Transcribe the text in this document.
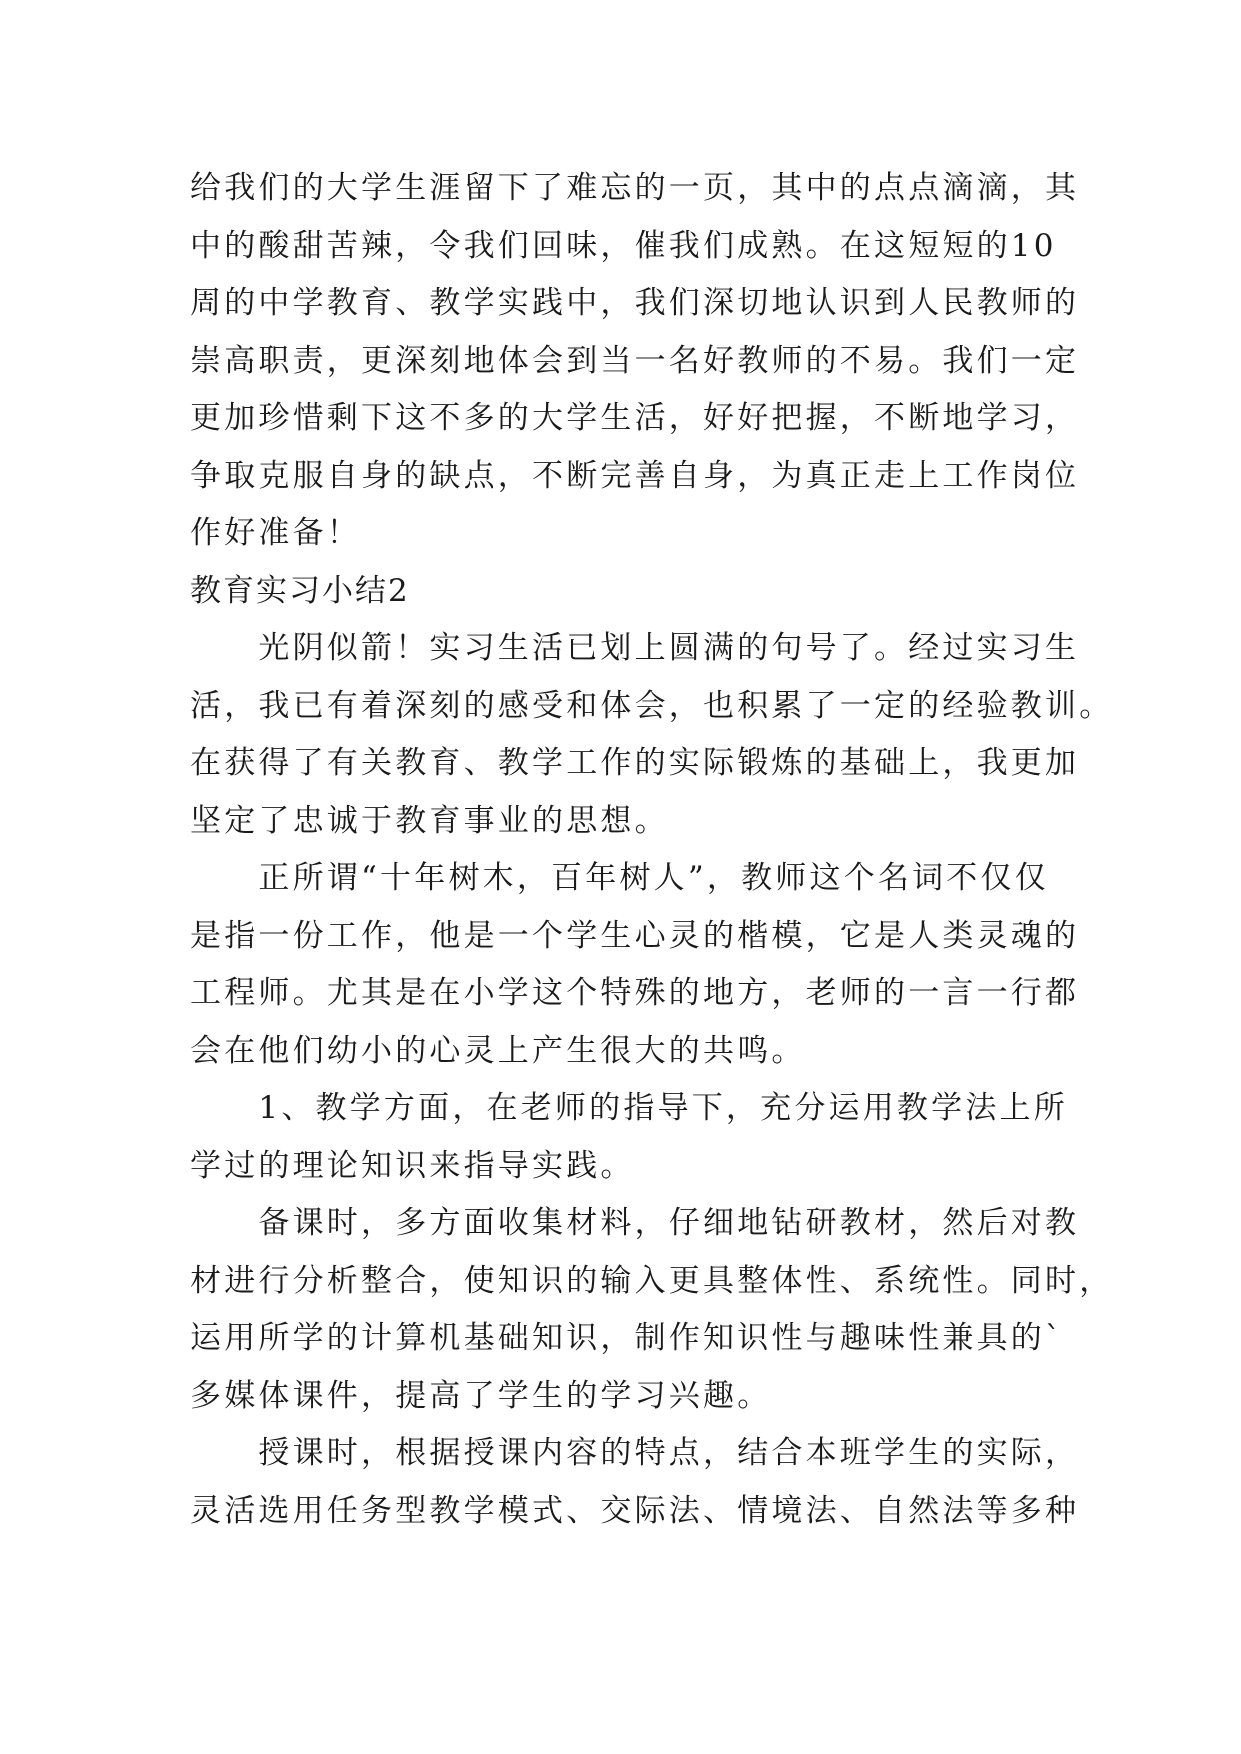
给我们的大学生涯留下了难忘的一页，其中的点点滴滴，其
中的酸甜苦辣，令我们回味，催我们成熟。在这短短的10
周的中学教育、教学实践中，我们深切地认识到人民教师的
崇高职责，更深刻地体会到当一名好教师的不易。我们一定
更加珍惜剩下这不多的大学生活，好好把握，不断地学习，
争取克服自身的缺点，不断完善自身，为真正走上工作岗位
作好准备！
教育实习小结2
　　光阴似箭！实习生活已划上圆满的句号了。经过实习生
活，我已有着深刻的感受和体会，也积累了一定的经验教训。
在获得了有关教育、教学工作的实际锻炼的基础上，我更加
坚定了忠诚于教育事业的思想。
　　正所谓“十年树木，百年树人”，教师这个名词不仅仅
是指一份工作，他是一个学生心灵的楷模，它是人类灵魂的
工程师。尤其是在小学这个特殊的地方，老师的一言一行都
会在他们幼小的心灵上产生很大的共鸣。
　　1、教学方面，在老师的指导下，充分运用教学法上所
学过的理论知识来指导实践。
　　备课时，多方面收集材料，仔细地钻研教材，然后对教
材进行分析整合，使知识的输入更具整体性、系统性。同时，
运用所学的计算机基础知识，制作知识性与趣味性兼具的`
多媒体课件，提高了学生的学习兴趣。
　　授课时，根据授课内容的特点，结合本班学生的实际，
灵活选用任务型教学模式、交际法、情境法、自然法等多种
